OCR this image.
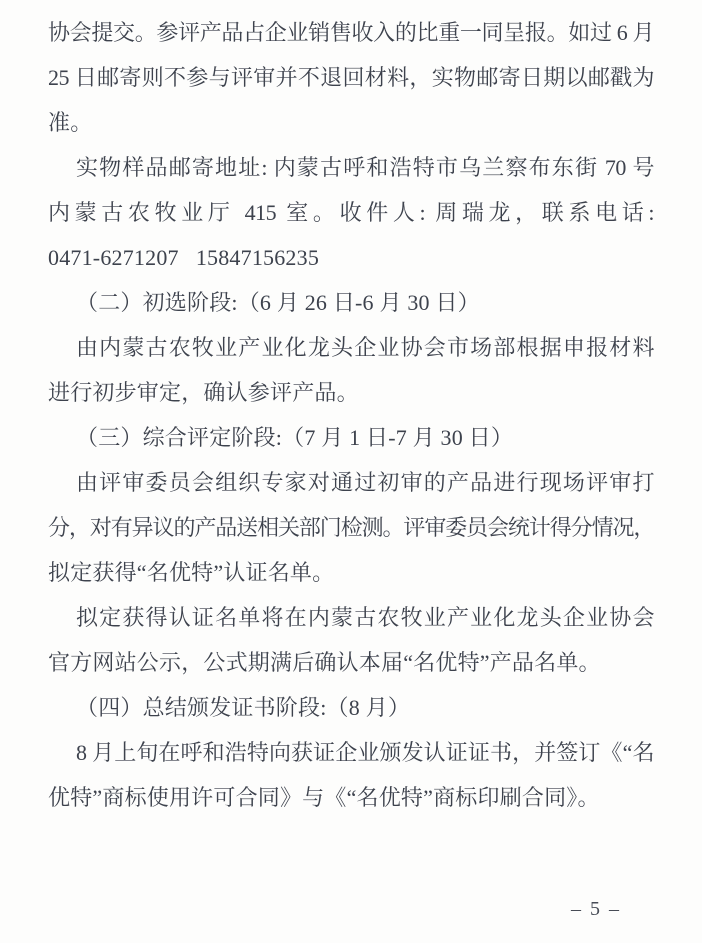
协会提交。参评产品占企业销售收入的比重一同呈报。如过 6 月
25 日邮寄则不参与评审并不退回材料，实物邮寄日期以邮戳为
准。
实物样品邮寄地址: 内蒙古呼和浩特市乌兰察布东街 70 号
内蒙古农牧业厅 415 室。收件人: 周瑞龙，联系电话:
0471-6271207   15847156235
（二）初选阶段:（6 月 26 日-6 月 30 日）
由内蒙古农牧业产业化龙头企业协会市场部根据申报材料
进行初步审定，确认参评产品。
（三）综合评定阶段:（7 月 1 日-7 月 30 日）
由评审委员会组织专家对通过初审的产品进行现场评审打
分，对有异议的产品送相关部门检测。评审委员会统计得分情况，
拟定获得“名优特”认证名单。
拟定获得认证名单将在内蒙古农牧业产业化龙头企业协会
官方网站公示，公式期满后确认本届“名优特”产品名单。
（四）总结颁发证书阶段:（8 月）
8 月上旬在呼和浩特向获证企业颁发认证证书，并签订《“名
优特”商标使用许可合同》与《“名优特”商标印刷合同》。
– 5 –
